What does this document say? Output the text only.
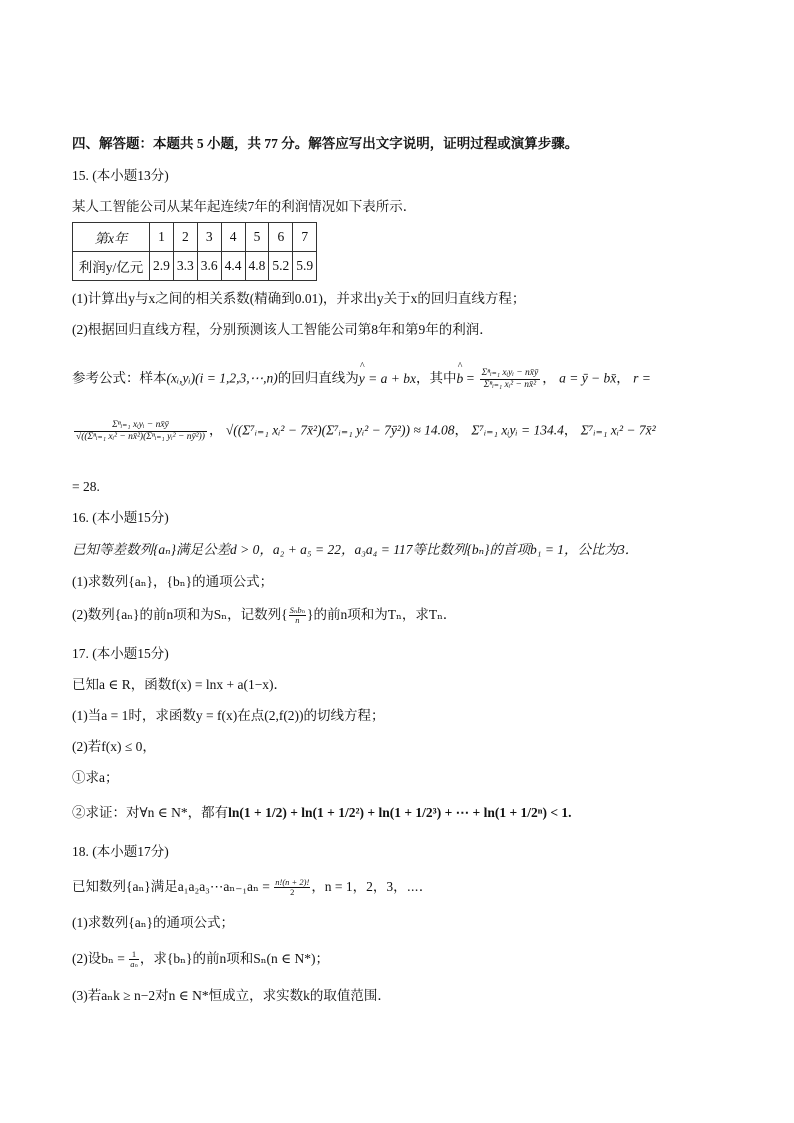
四、解答题：本题共 5 小题，共 77 分。解答应写出文字说明，证明过程或演算步骤。
15. (本小题13分)
某人工智能公司从某年起连续7年的利润情况如下表所示．
第x年	1	2	3	4	5	6	7
利润y/亿元	2.9	3.3	3.6	4.4	4.8	5.2	5.9
(1)计算出y与x之间的相关系数(精确到0.01)，并求出y关于x的回归直线方程；
(2)根据回归直线方程，分别预测该人工智能公司第8年和第9年的利润．
参考公式：样本(xᵢ,yᵢ)(i = 1,2,3,⋯,n)的回归直线为^ y = a + bx，其中^ $b = \frac{\text{Σⁿᵢ₌₁ xᵢyᵢ − nx̄ȳ}}{\text{Σⁿᵢ₌₁ xᵢ² − nx̄²}}$ ， a = ȳ − bx̄， r =
$\frac{\text{Σⁿᵢ₌₁ xᵢyᵢ − nx̄ȳ}}{\text{√((Σⁿᵢ₌₁ xᵢ² − nx̄²)(Σⁿᵢ₌₁ yᵢ² − nȳ²))}}$ ， √((Σ⁷ᵢ₌₁ xᵢ² − 7x̄²)(Σ⁷ᵢ₌₁ yᵢ² − 7ȳ²)) ≈ 14.08， Σ⁷ᵢ₌₁ xᵢyᵢ = 134.4， Σ⁷ᵢ₌₁ xᵢ² − 7x̄²
= 28.
16. (本小题15分)
已知等差数列{aₙ}满足公差d > 0，a₂ + a₅ = 22，a₃a₄ = 117等比数列{bₙ}的首项b₁ = 1，公比为3．
(1)求数列{aₙ}，{bₙ}的通项公式；
(2)数列{aₙ}的前n项和为Sₙ，记数列{ $\frac{\text{Sₙbₙ}}{n}$ }的前n项和为Tₙ，求Tₙ．
17. (本小题15分)
已知a ∈ R，函数f(x) = lnx + a(1−x)．
(1)当a = 1时，求函数y = f(x)在点(2,f(2))的切线方程；
(2)若f(x) ≤ 0，
①求a；
②求证：对∀n ∈ N*，都有ln(1 + 1/2) + ln(1 + 1/2²) + ln(1 + 1/2³) + ⋯ + ln(1 + 1/2ⁿ) < 1.
18. (本小题17分)
已知数列{aₙ}满足a₁a₂a₃⋯aₙ₋₁aₙ = $\frac{n!(n + 2)!}{2}$ ，n = 1，2，3，⋯．
(1)求数列{aₙ}的通项公式；
(2)设$b_n = \frac{1}{\text{aₙ}}$ ，求{bₙ}的前n项和Sₙ(n ∈ N*)；
(3)若aₙk ≥ n−2对n ∈ N*恒成立，求实数k的取值范围．
